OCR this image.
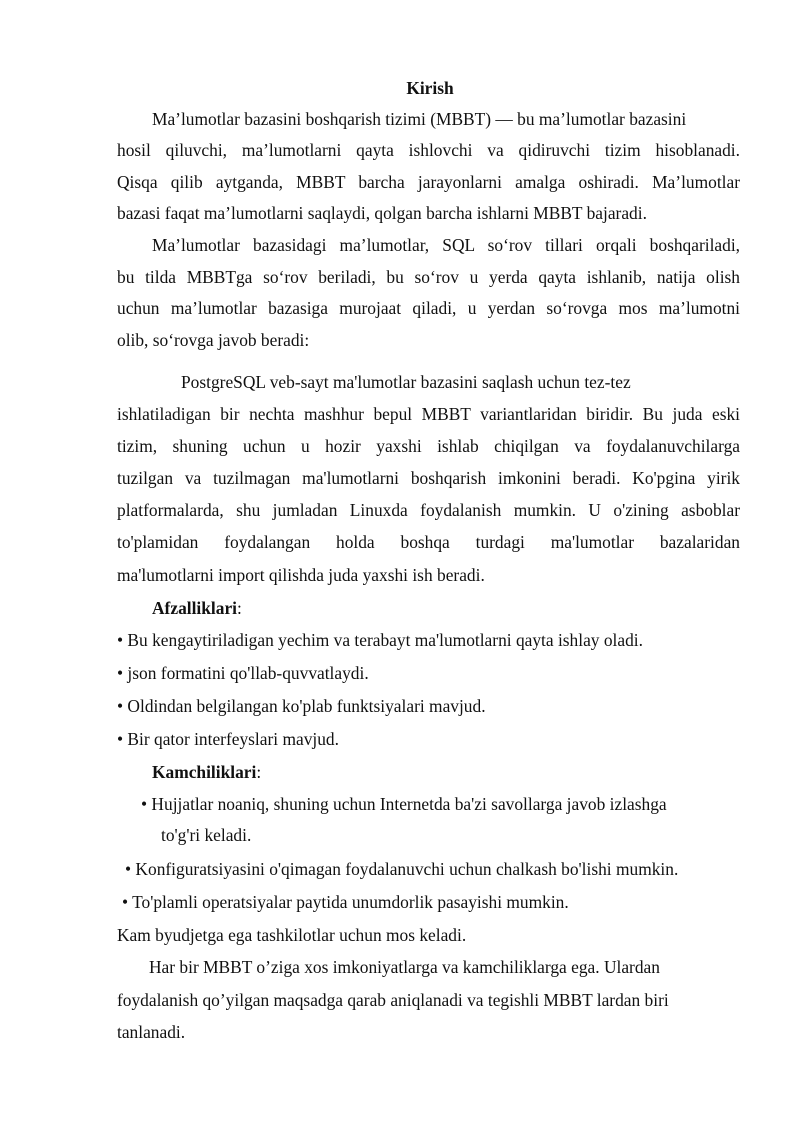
Kirish
Ma’lumotlar bazasini boshqarish tizimi (MBBT) — bu ma’lumotlar bazasini
hosil qiluvchi, ma’lumotlarni qayta ishlovchi va qidiruvchi tizim hisoblanadi.
Qisqa qilib aytganda, MBBT barcha jarayonlarni amalga oshiradi. Ma’lumotlar
bazasi faqat ma’lumotlarni saqlaydi, qolgan barcha ishlarni MBBT bajaradi.
Ma’lumotlar bazasidagi ma’lumotlar, SQL so‘rov tillari orqali boshqariladi,
bu tilda MBBTga so‘rov beriladi, bu so‘rov u yerda qayta ishlanib, natija olish
uchun ma’lumotlar bazasiga murojaat qiladi, u yerdan so‘rovga mos ma’lumotni
olib, so‘rovga javob beradi:
PostgreSQL veb-sayt ma'lumotlar bazasini saqlash uchun tez-tez
ishlatiladigan bir nechta mashhur bepul MBBT variantlaridan biridir. Bu juda eski
tizim, shuning uchun u hozir yaxshi ishlab chiqilgan va foydalanuvchilarga
tuzilgan va tuzilmagan ma'lumotlarni boshqarish imkonini beradi. Ko'pgina yirik
platformalarda, shu jumladan Linuxda foydalanish mumkin. U o'zining asboblar
to'plamidan foydalangan holda boshqa turdagi ma'lumotlar bazalaridan
ma'lumotlarni import qilishda juda yaxshi ish beradi.
Afzalliklari:
• Bu kengaytiriladigan yechim va terabayt ma'lumotlarni qayta ishlay oladi.
• json formatini qo'llab-quvvatlaydi.
• Oldindan belgilangan ko'plab funktsiyalari mavjud.
• Bir qator interfeyslari mavjud.
Kamchiliklari:
• Hujjatlar noaniq, shuning uchun Internetda ba'zi savollarga javob izlashga
to'g'ri keladi.
• Konfiguratsiyasini o'qimagan foydalanuvchi uchun chalkash bo'lishi mumkin.
• To'plamli operatsiyalar paytida unumdorlik pasayishi mumkin.
Kam byudjetga ega tashkilotlar uchun mos keladi.
Har bir MBBT o’ziga xos imkoniyatlarga va kamchiliklarga ega. Ulardan
foydalanish qo’yilgan maqsadga qarab aniqlanadi va tegishli MBBT lardan biri
tanlanadi.
